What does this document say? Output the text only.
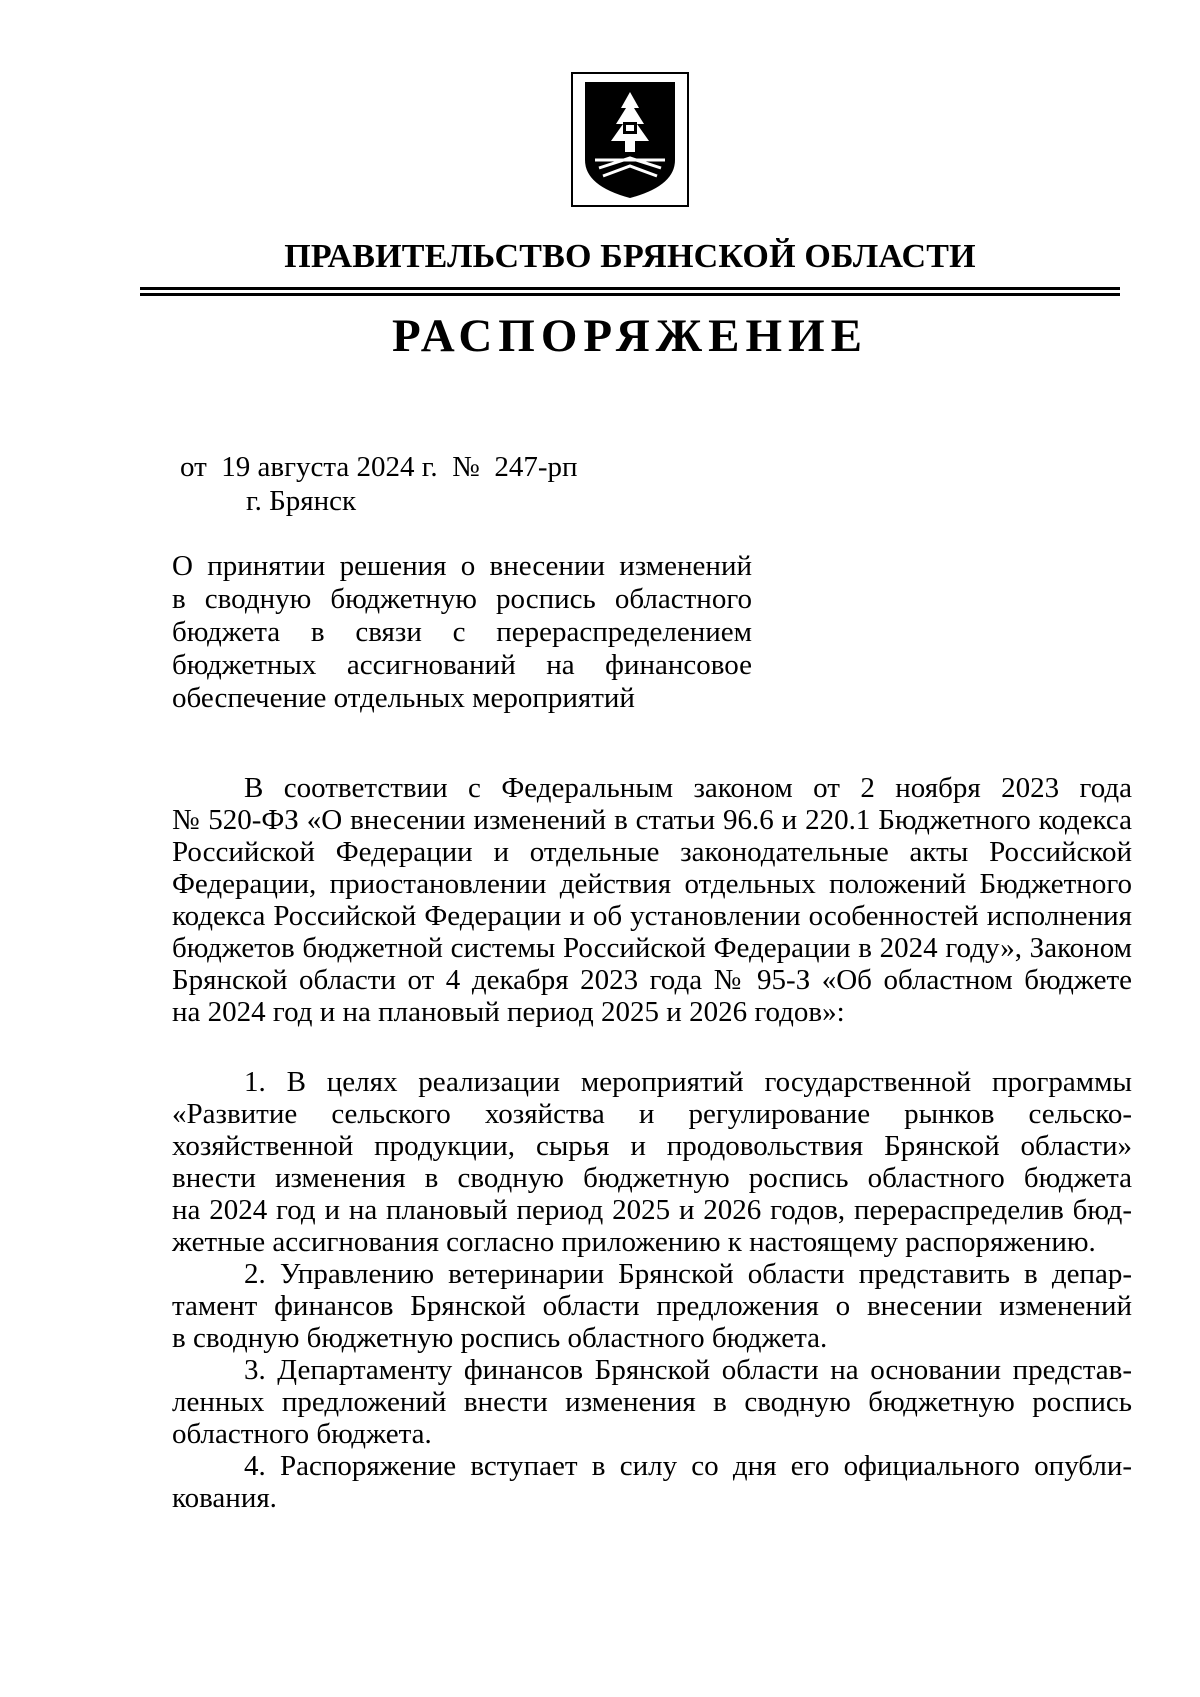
ПРАВИТЕЛЬСТВО БРЯНСКОЙ ОБЛАСТИ
РАСПОРЯЖЕНИЕ
от  19 августа 2024 г.  №  247-рп
г. Брянск
О принятии решения о внесении изменений
в сводную бюджетную роспись областного
бюджета в связи с перераспределением
бюджетных ассигнований на финансовое
обеспечение отдельных мероприятий
В соответствии с Федеральным законом от 2 ноября 2023 года
№ 520-ФЗ «О внесении изменений в статьи 96.6 и 220.1 Бюджетного кодекса
Российской Федерации и отдельные законодательные акты Российской
Федерации, приостановлении действия отдельных положений Бюджетного
кодекса Российской Федерации и об установлении особенностей исполнения
бюджетов бюджетной системы Российской Федерации в 2024 году», Законом
Брянской области от 4 декабря 2023 года № 95-З «Об областном бюджете
на 2024 год и на плановый период 2025 и 2026 годов»:
1. В целях реализации мероприятий государственной программы
«Развитие сельского хозяйства и регулирование рынков сельско-
хозяйственной продукции, сырья и продовольствия Брянской области»
внести изменения в сводную бюджетную роспись областного бюджета
на 2024 год и на плановый период 2025 и 2026 годов, перераспределив бюд-
жетные ассигнования согласно приложению к настоящему распоряжению.
2. Управлению ветеринарии Брянской области представить в депар-
тамент финансов Брянской области предложения о внесении изменений
в сводную бюджетную роспись областного бюджета.
3. Департаменту финансов Брянской области на основании представ-
ленных предложений внести изменения в сводную бюджетную роспись
областного бюджета.
4. Распоряжение вступает в силу со дня его официального опубли-
кования.
